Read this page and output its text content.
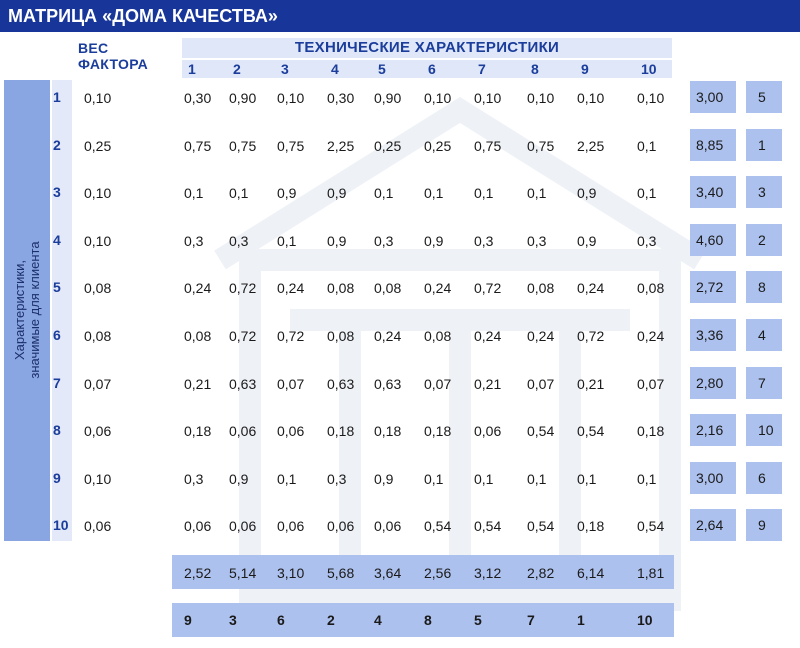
МАТРИЦА «ДОМА КАЧЕСТВА»
ВЕС
ФАКТОРА
ТЕХНИЧЕСКИЕ ХАРАКТЕРИСТИКИ
1	2	3	4	5	6	7	8	9	10
Характеристики, значимые для клиента
1	0,10	0,30 0,90 0,10 0,30 0,90 0,10 0,10 0,10 0,10 0,10	3,00	5
2	0,25	0,75 0,75 0,75 2,25 0,25 0,25 0,75 0,75 2,25 0,1	8,85	1
3	0,10	0,1 0,1 0,9 0,9 0,1 0,1 0,1 0,1 0,9	0,1	3,40	3
4	0,10	0,3 0,3 0,1 0,9 0,3 0,9 0,3 0,3 0,9	0,3	4,60	2
5	0,08	0,24 0,72 0,24 0,08 0,08 0,24 0,72 0,08 0,24 0,08	2,72	8
6	0,08	0,08 0,72 0,72 0,08 0,24 0,08 0,24 0,24 0,72 0,24	3,36	4
7	0,07	0,21 0,63 0,07 0,63 0,63 0,07 0,21 0,07 0,21 0,07	2,80	7
8	0,06	0,18 0,06 0,06 0,18 0,18 0,18 0,06 0,54 0,54 0,18	2,16	10
9	0,10	0,3 0,9 0,1 0,3 0,9 0,1 0,1 0,1 0,1	0,1	3,00	6
10	0,06	0,06 0,06 0,06 0,06 0,06 0,54 0,54 0,54 0,18 0,54	2,64	9
2,52 5,14 3,10 5,68 3,64 2,56 3,12 2,82 6,14 1,81
9	3	6	2	4	8	5	7	1	10
